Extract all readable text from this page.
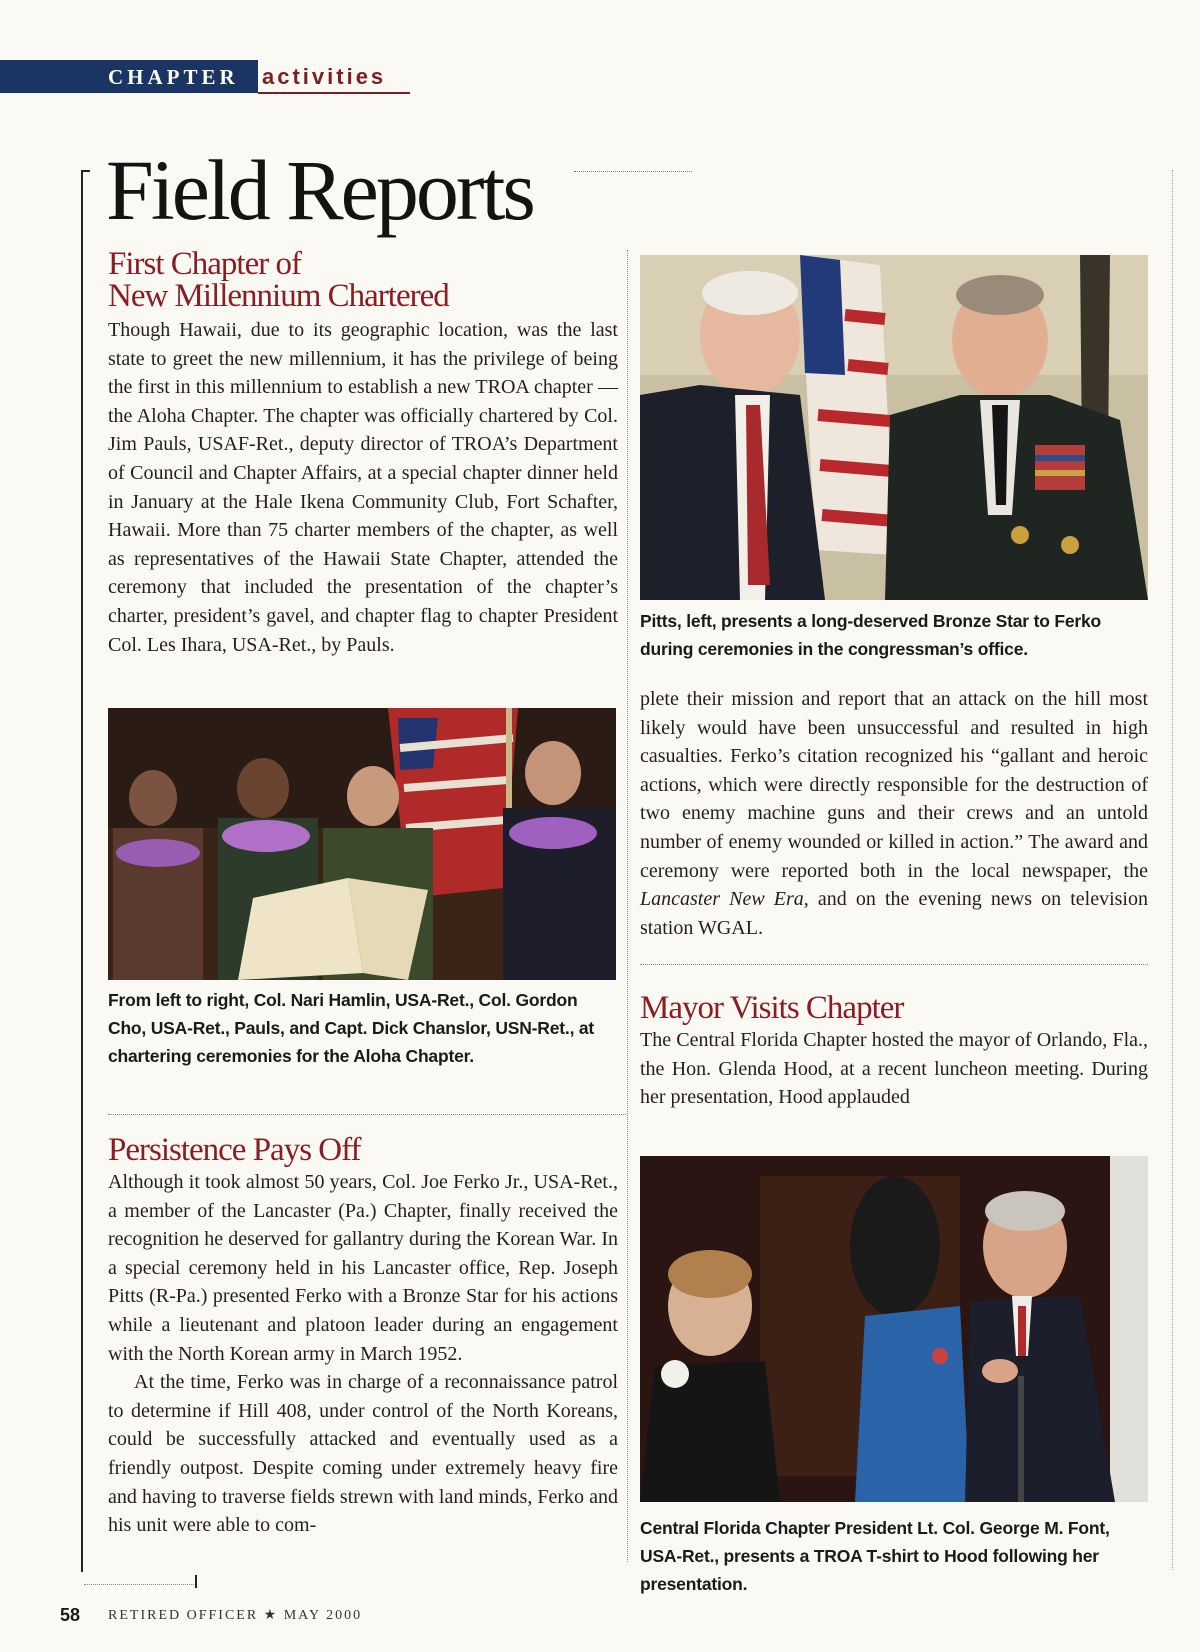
CHAPTER activities
Field Reports
First Chapter of
New Millennium Chartered

Though Hawaii, due to its geographic location, was the last state to greet the new millennium, it has the privilege of being the first in this millennium to establish a new TROA chapter — the Aloha Chapter. The chapter was officially chartered by Col. Jim Pauls, USAF-Ret., deputy director of TROA’s Department of Council and Chapter Affairs, at a special chapter dinner held in January at the Hale Ikena Community Club, Fort Schafter, Hawaii. More than 75 charter members of the chapter, as well as representatives of the Hawaii State Chapter, attended the ceremony that included the presentation of the chapter’s charter, president’s gavel, and chapter flag to chapter President Col. Les Ihara, USA-Ret., by Pauls.

From left to right, Col. Nari Hamlin, USA-Ret., Col. Gordon Cho, USA-Ret., Pauls, and Capt. Dick Chanslor, USN-Ret., at chartering ceremonies for the Aloha Chapter.

Persistence Pays Off

Although it took almost 50 years, Col. Joe Ferko Jr., USA-Ret., a member of the Lancaster (Pa.) Chapter, finally received the recognition he deserved for gallantry during the Korean War. In a special ceremony held in his Lancaster office, Rep. Joseph Pitts (R-Pa.) presented Ferko with a Bronze Star for his actions while a lieutenant and platoon leader during an engagement with the North Korean army in March 1952.

At the time, Ferko was in charge of a reconnaissance patrol to determine if Hill 408, under control of the North Koreans, could be successfully attacked and eventually used as a friendly outpost. Despite coming under extremely heavy fire and having to traverse fields strewn with land minds, Ferko and his unit were able to com-

Pitts, left, presents a long-deserved Bronze Star to Ferko during ceremonies in the congressman’s office.

plete their mission and report that an attack on the hill most likely would have been unsuccessful and resulted in high casualties. Ferko’s citation recognized his “gallant and heroic actions, which were directly responsible for the destruction of two enemy machine guns and their crews and an untold number of enemy wounded or killed in action.” The award and ceremony were reported both in the local newspaper, the Lancaster New Era, and on the evening news on television station WGAL.

Mayor Visits Chapter

The Central Florida Chapter hosted the mayor of Orlando, Fla., the Hon. Glenda Hood, at a recent luncheon meeting. During her presentation, Hood applauded

Central Florida Chapter President Lt. Col. George M. Font, USA-Ret., presents a TROA T-shirt to Hood following her presentation.

58 RETIRED OFFICER ★ MAY 2000
